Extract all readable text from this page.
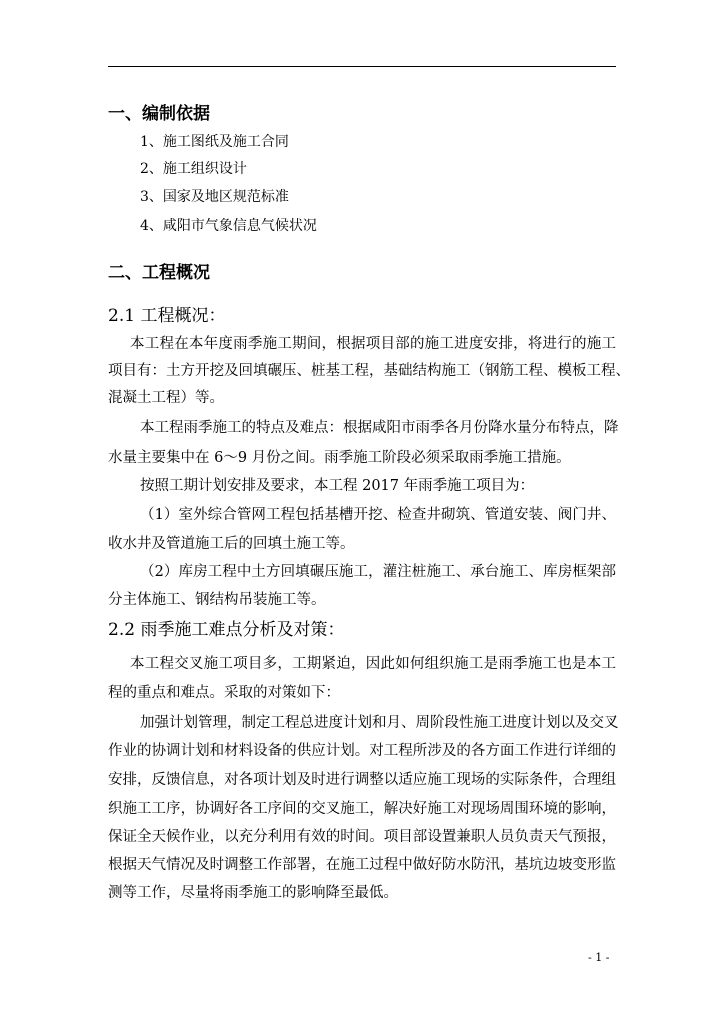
一、编制依据
1、施工图纸及施工合同
2、施工组织设计
3、国家及地区规范标准
4、咸阳市气象信息气候状况
二、工程概况
2.1 工程概况：
本工程在本年度雨季施工期间，根据项目部的施工进度安排，将进行的施工
项目有：土方开挖及回填碾压、桩基工程，基础结构施工（钢筋工程、模板工程、
混凝土工程）等。
本工程雨季施工的特点及难点：根据咸阳市雨季各月份降水量分布特点，降
水量主要集中在 6～9 月份之间。雨季施工阶段必须采取雨季施工措施。
按照工期计划安排及要求，本工程 2017 年雨季施工项目为：
（1）室外综合管网工程包括基槽开挖、检查井砌筑、管道安装、阀门井、
收水井及管道施工后的回填土施工等。
（2）库房工程中土方回填碾压施工，灌注桩施工、承台施工、库房框架部
分主体施工、钢结构吊装施工等。
2.2 雨季施工难点分析及对策：
本工程交叉施工项目多，工期紧迫，因此如何组织施工是雨季施工也是本工
程的重点和难点。采取的对策如下：
加强计划管理，制定工程总进度计划和月、周阶段性施工进度计划以及交叉
作业的协调计划和材料设备的供应计划。对工程所涉及的各方面工作进行详细的
安排，反馈信息，对各项计划及时进行调整以适应施工现场的实际条件，合理组
织施工工序，协调好各工序间的交叉施工，解决好施工对现场周围环境的影响，
保证全天候作业，以充分利用有效的时间。项目部设置兼职人员负责天气预报，
根据天气情况及时调整工作部署，在施工过程中做好防水防汛，基坑边坡变形监
测等工作，尽量将雨季施工的影响降至最低。
- 1 -
